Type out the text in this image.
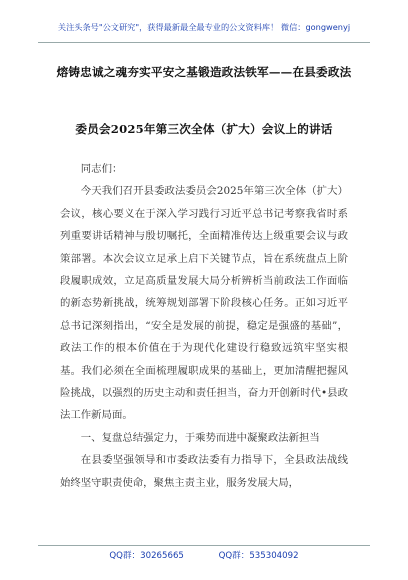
关注头条号"公文研究"，获得最新最全最专业的公文资料库！ 微信：gongwenyj
熔铸忠诚之魂夯实平安之基锻造政法铁军——在县委政法
委员会2025年第三次全体（扩大）会议上的讲话

同志们：

今天我们召开县委政法委员会2025年第三次全体（扩大）会议，核心要义在于深入学习践行习近平总书记考察我省时系列重要讲话精神与殷切嘱托，全面精准传达上级重要会议与政策部署。本次会议立足承上启下关键节点，旨在系统盘点上阶段履职成效，立足高质量发展大局分析辨析当前政法工作面临的新态势新挑战，统筹规划部署下阶段核心任务。正如习近平总书记深刻指出，“安全是发展的前提，稳定是强盛的基础”，政法工作的根本价值在于为现代化建设行稳致远筑牢坚实根基。我们必须在全面梳理履职成果的基础上，更加清醒把握风险挑战，以强烈的历史主动和责任担当，奋力开创新时代•县政法工作新局面。

一、复盘总结强定力，于乘势而进中凝聚政法新担当

在县委坚强领导和市委政法委有力指导下，全县政法战线始终坚守职责使命，聚焦主责主业，服务发展大局，

QQ群：30265665	QQ群：535304092
